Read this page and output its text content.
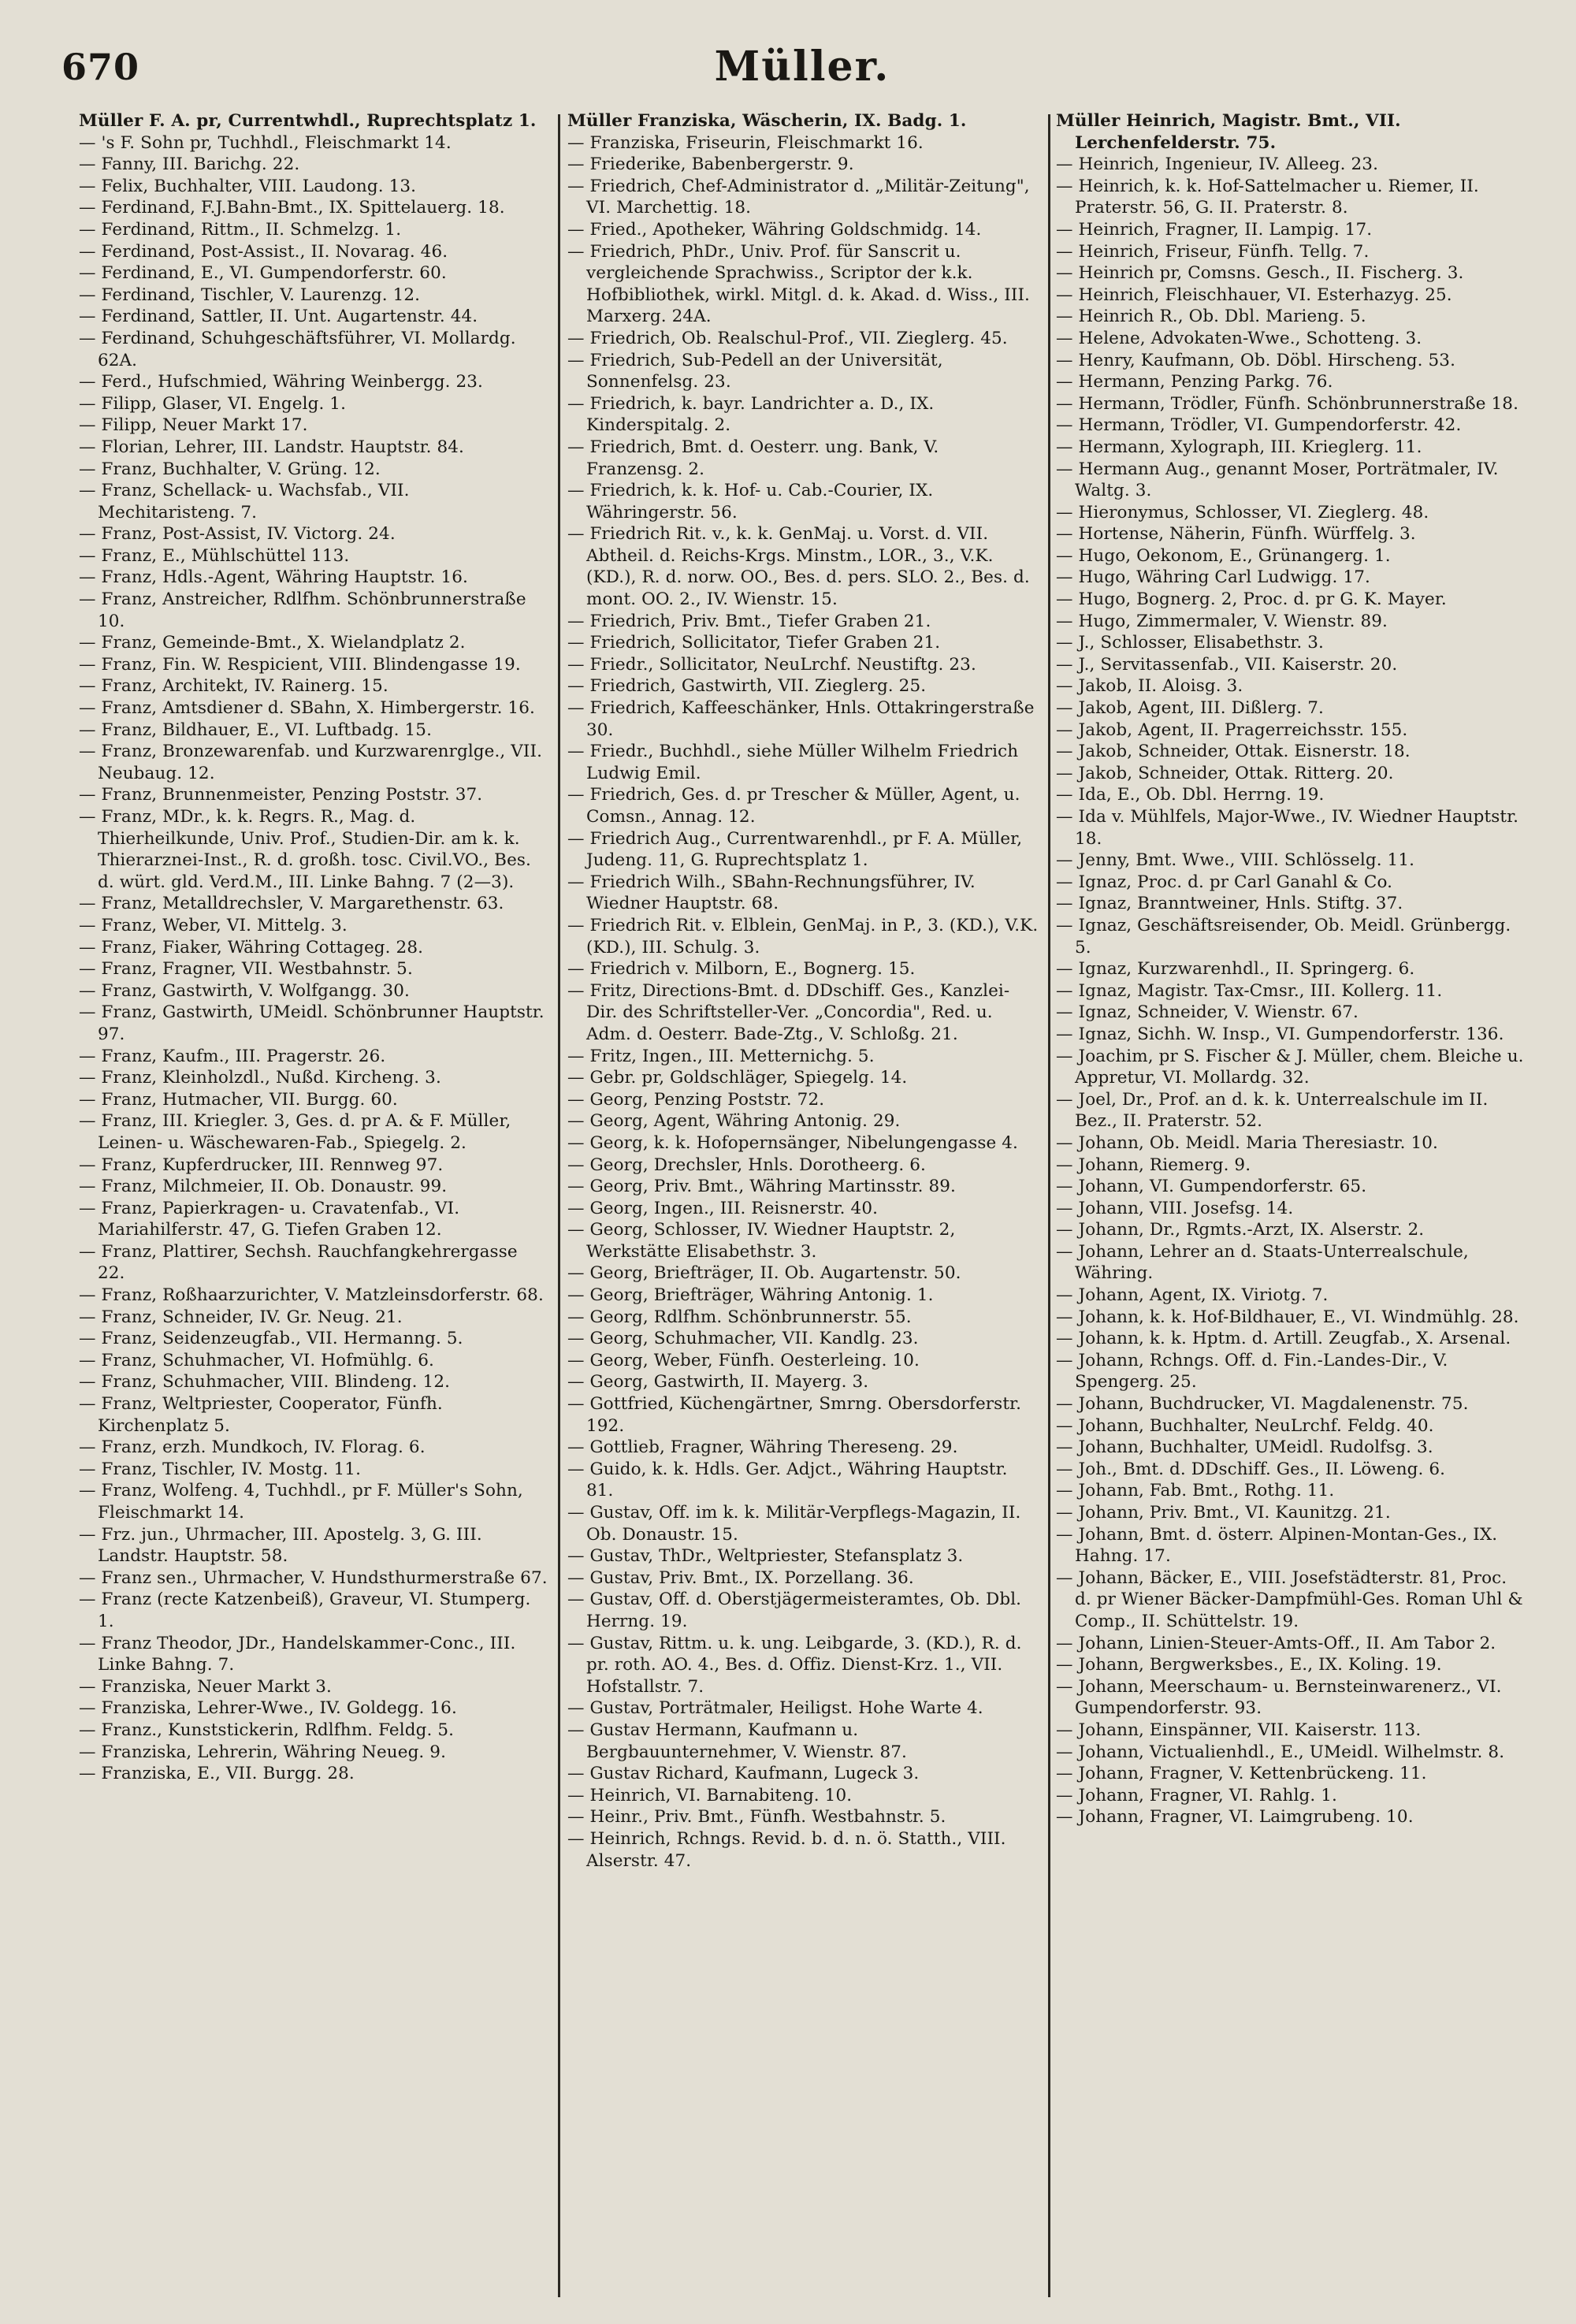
670	Müller.

Müller F. A. pr, Currentwhdl., Ruprechtsplatz 1.

— 's F. Sohn pr, Tuchhdl., Fleischmarkt 14.

— Fanny, III. Barichg. 22.

— Felix, Buchhalter, VIII. Laudong. 13.

— Ferdinand, F.J.Bahn-Bmt., IX. Spittelauerg. 18.

— Ferdinand, Rittm., II. Schmelzg. 1.

— Ferdinand, Post-Assist., II. Novarag. 46.

— Ferdinand, E., VI. Gumpendorferstr. 60.

— Ferdinand, Tischler, V. Laurenzg. 12.

— Ferdinand, Sattler, II. Unt. Augartenstr. 44.

— Ferdinand, Schuhgeschäftsführer, VI. Mollardg. 62A.

— Ferd., Hufschmied, Währing Weinbergg. 23.

— Filipp, Glaser, VI. Engelg. 1.

— Filipp, Neuer Markt 17.

— Florian, Lehrer, III. Landstr. Hauptstr. 84.

— Franz, Buchhalter, V. Grüng. 12.

— Franz, Schellack- u. Wachsfab., VII. Mechitaristeng. 7.

— Franz, Post-Assist, IV. Victorg. 24.

— Franz, E., Mühlschüttel 113.

— Franz, Hdls.-Agent, Währing Hauptstr. 16.

— Franz, Anstreicher, Rdlfhm. Schönbrunnerstraße 10.

— Franz, Gemeinde-Bmt., X. Wielandplatz 2.

— Franz, Fin. W. Respicient, VIII. Blindengasse 19.

— Franz, Architekt, IV. Rainerg. 15.

— Franz, Amtsdiener d. SBahn, X. Himbergerstr. 16.

— Franz, Bildhauer, E., VI. Luftbadg. 15.

— Franz, Bronzewarenfab. und Kurzwarenrglge., VII. Neubaug. 12.

— Franz, Brunnenmeister, Penzing Poststr. 37.

— Franz, MDr., k. k. Regrs. R., Mag. d. Thierheilkunde, Univ. Prof., Studien-Dir. am k. k. Thierarznei-Inst., R. d. großh. tosc. Civil.VO., Bes. d. würt. gld. Verd.M., III. Linke Bahng. 7 (2—3).

— Franz, Metalldrechsler, V. Margarethenstr. 63.

— Franz, Weber, VI. Mittelg. 3.

— Franz, Fiaker, Währing Cottageg. 28.

— Franz, Fragner, VII. Westbahnstr. 5.

— Franz, Gastwirth, V. Wolfgangg. 30.

— Franz, Gastwirth, UMeidl. Schönbrunner Hauptstr. 97.

— Franz, Kaufm., III. Pragerstr. 26.

— Franz, Kleinholzdl., Nußd. Kircheng. 3.

— Franz, Hutmacher, VII. Burgg. 60.

— Franz, III. Kriegler. 3, Ges. d. pr A. & F. Müller, Leinen- u. Wäschewaren-Fab., Spiegelg. 2.

— Franz, Kupferdrucker, III. Rennweg 97.

— Franz, Milchmeier, II. Ob. Donaustr. 99.

— Franz, Papierkragen- u. Cravatenfab., VI. Mariahilferstr. 47, G. Tiefen Graben 12.

— Franz, Plattirer, Sechsh. Rauchfangkehrergasse 22.

— Franz, Roßhaarzurichter, V. Matzleinsdorferstr. 68.

— Franz, Schneider, IV. Gr. Neug. 21.

— Franz, Seidenzeugfab., VII. Hermanng. 5.

— Franz, Schuhmacher, VI. Hofmühlg. 6.

— Franz, Schuhmacher, VIII. Blindeng. 12.

— Franz, Weltpriester, Cooperator, Fünfh. Kirchenplatz 5.

— Franz, erzh. Mundkoch, IV. Florag. 6.

— Franz, Tischler, IV. Mostg. 11.

— Franz, Wolfeng. 4, Tuchhdl., pr F. Müller's Sohn, Fleischmarkt 14.

— Frz. jun., Uhrmacher, III. Apostelg. 3, G. III. Landstr. Hauptstr. 58.

— Franz sen., Uhrmacher, V. Hundsthurmerstraße 67.

— Franz (recte Katzenbeiß), Graveur, VI. Stumperg. 1.

— Franz Theodor, JDr., Handelskammer-Conc., III. Linke Bahng. 7.

— Franziska, Neuer Markt 3.

— Franziska, Lehrer-Wwe., IV. Goldegg. 16.

— Franz., Kunststickerin, Rdlfhm. Feldg. 5.

— Franziska, Lehrerin, Währing Neueg. 9.

— Franziska, E., VII. Burgg. 28.

Müller Franziska, Wäscherin, IX. Badg. 1.

— Franziska, Friseurin, Fleischmarkt 16.

— Friederike, Babenbergerstr. 9.

— Friedrich, Chef-Administrator d. „Militär-Zeitung", VI. Marchettig. 18.

— Fried., Apotheker, Währing Goldschmidg. 14.

— Friedrich, PhDr., Univ. Prof. für Sanscrit u. vergleichende Sprachwiss., Scriptor der k.k. Hofbibliothek, wirkl. Mitgl. d. k. Akad. d. Wiss., III. Marxerg. 24A.

— Friedrich, Ob. Realschul-Prof., VII. Zieglerg. 45.

— Friedrich, Sub-Pedell an der Universität, Sonnenfelsg. 23.

— Friedrich, k. bayr. Landrichter a. D., IX. Kinderspitalg. 2.

— Friedrich, Bmt. d. Oesterr. ung. Bank, V. Franzensg. 2.

— Friedrich, k. k. Hof- u. Cab.-Courier, IX. Währingerstr. 56.

— Friedrich Rit. v., k. k. GenMaj. u. Vorst. d. VII. Abtheil. d. Reichs-Krgs. Minstm., LOR., 3., V.K. (KD.), R. d. norw. OO., Bes. d. pers. SLO. 2., Bes. d. mont. OO. 2., IV. Wienstr. 15.

— Friedrich, Priv. Bmt., Tiefer Graben 21.

— Friedrich, Sollicitator, Tiefer Graben 21.

— Friedr., Sollicitator, NeuLrchf. Neustiftg. 23.

— Friedrich, Gastwirth, VII. Zieglerg. 25.

— Friedrich, Kaffeeschänker, Hnls. Ottakringerstraße 30.

— Friedr., Buchhdl., siehe Müller Wilhelm Friedrich Ludwig Emil.

— Friedrich, Ges. d. pr Trescher & Müller, Agent, u. Comsn., Annag. 12.

— Friedrich Aug., Currentwarenhdl., pr F. A. Müller, Judeng. 11, G. Ruprechtsplatz 1.

— Friedrich Wilh., SBahn-Rechnungsführer, IV. Wiedner Hauptstr. 68.

— Friedrich Rit. v. Elblein, GenMaj. in P., 3. (KD.), V.K. (KD.), III. Schulg. 3.

— Friedrich v. Milborn, E., Bognerg. 15.

— Fritz, Directions-Bmt. d. DDschiff. Ges., Kanzlei-Dir. des Schriftsteller-Ver. „Concordia", Red. u. Adm. d. Oesterr. Bade-Ztg., V. Schloßg. 21.

— Fritz, Ingen., III. Metternichg. 5.

— Gebr. pr, Goldschläger, Spiegelg. 14.

— Georg, Penzing Poststr. 72.

— Georg, Agent, Währing Antonig. 29.

— Georg, k. k. Hofopernsänger, Nibelungengasse 4.

— Georg, Drechsler, Hnls. Dorotheerg. 6.

— Georg, Priv. Bmt., Währing Martinsstr. 89.

— Georg, Ingen., III. Reisnerstr. 40.

— Georg, Schlosser, IV. Wiedner Hauptstr. 2, Werkstätte Elisabethstr. 3.

— Georg, Briefträger, II. Ob. Augartenstr. 50.

— Georg, Briefträger, Währing Antonig. 1.

— Georg, Rdlfhm. Schönbrunnerstr. 55.

— Georg, Schuhmacher, VII. Kandlg. 23.

— Georg, Weber, Fünfh. Oesterleing. 10.

— Georg, Gastwirth, II. Mayerg. 3.

— Gottfried, Küchengärtner, Smrng. Obersdorferstr. 192.

— Gottlieb, Fragner, Währing Thereseng. 29.

— Guido, k. k. Hdls. Ger. Adjct., Währing Hauptstr. 81.

— Gustav, Off. im k. k. Militär-Verpflegs-Magazin, II. Ob. Donaustr. 15.

— Gustav, ThDr., Weltpriester, Stefansplatz 3.

— Gustav, Priv. Bmt., IX. Porzellang. 36.

— Gustav, Off. d. Oberstjägermeisteramtes, Ob. Dbl. Herrng. 19.

— Gustav, Rittm. u. k. ung. Leibgarde, 3. (KD.), R. d. pr. roth. AO. 4., Bes. d. Offiz. Dienst-Krz. 1., VII. Hofstallstr. 7.

— Gustav, Porträtmaler, Heiligst. Hohe Warte 4.

— Gustav Hermann, Kaufmann u. Bergbauunternehmer, V. Wienstr. 87.

— Gustav Richard, Kaufmann, Lugeck 3.

— Heinrich, VI. Barnabiteng. 10.

— Heinr., Priv. Bmt., Fünfh. Westbahnstr. 5.

— Heinrich, Rchngs. Revid. b. d. n. ö. Statth., VIII. Alserstr. 47.

Müller Heinrich, Magistr. Bmt., VII. Lerchenfelderstr. 75.

— Heinrich, Ingenieur, IV. Alleeg. 23.

— Heinrich, k. k. Hof-Sattelmacher u. Riemer, II. Praterstr. 56, G. II. Praterstr. 8.

— Heinrich, Fragner, II. Lampig. 17.

— Heinrich, Friseur, Fünfh. Tellg. 7.

— Heinrich pr, Comsns. Gesch., II. Fischerg. 3.

— Heinrich, Fleischhauer, VI. Esterhazyg. 25.

— Heinrich R., Ob. Dbl. Marieng. 5.

— Helene, Advokaten-Wwe., Schotteng. 3.

— Henry, Kaufmann, Ob. Döbl. Hirscheng. 53.

— Hermann, Penzing Parkg. 76.

— Hermann, Trödler, Fünfh. Schönbrunnerstraße 18.

— Hermann, Trödler, VI. Gumpendorferstr. 42.

— Hermann, Xylograph, III. Krieglerg. 11.

— Hermann Aug., genannt Moser, Porträtmaler, IV. Waltg. 3.

— Hieronymus, Schlosser, VI. Zieglerg. 48.

— Hortense, Näherin, Fünfh. Würffelg. 3.

— Hugo, Oekonom, E., Grünangerg. 1.

— Hugo, Währing Carl Ludwigg. 17.

— Hugo, Bognerg. 2, Proc. d. pr G. K. Mayer.

— Hugo, Zimmermaler, V. Wienstr. 89.

— J., Schlosser, Elisabethstr. 3.

— J., Servitassenfab., VII. Kaiserstr. 20.

— Jakob, II. Aloisg. 3.

— Jakob, Agent, III. Dißlerg. 7.

— Jakob, Agent, II. Pragerreichsstr. 155.

— Jakob, Schneider, Ottak. Eisnerstr. 18.

— Jakob, Schneider, Ottak. Ritterg. 20.

— Ida, E., Ob. Dbl. Herrng. 19.

— Ida v. Mühlfels, Major-Wwe., IV. Wiedner Hauptstr. 18.

— Jenny, Bmt. Wwe., VIII. Schlösselg. 11.

— Ignaz, Proc. d. pr Carl Ganahl & Co.

— Ignaz, Branntweiner, Hnls. Stiftg. 37.

— Ignaz, Geschäftsreisender, Ob. Meidl. Grünbergg. 5.

— Ignaz, Kurzwarenhdl., II. Springerg. 6.

— Ignaz, Magistr. Tax-Cmsr., III. Kollerg. 11.

— Ignaz, Schneider, V. Wienstr. 67.

— Ignaz, Sichh. W. Insp., VI. Gumpendorferstr. 136.

— Joachim, pr S. Fischer & J. Müller, chem. Bleiche u. Appretur, VI. Mollardg. 32.

— Joel, Dr., Prof. an d. k. k. Unterrealschule im II. Bez., II. Praterstr. 52.

— Johann, Ob. Meidl. Maria Theresiastr. 10.

— Johann, Riemerg. 9.

— Johann, VI. Gumpendorferstr. 65.

— Johann, VIII. Josefsg. 14.

— Johann, Dr., Rgmts.-Arzt, IX. Alserstr. 2.

— Johann, Lehrer an d. Staats-Unterrealschule, Währing.

— Johann, Agent, IX. Viriotg. 7.

— Johann, k. k. Hof-Bildhauer, E., VI. Windmühlg. 28.

— Johann, k. k. Hptm. d. Artill. Zeugfab., X. Arsenal.

— Johann, Rchngs. Off. d. Fin.-Landes-Dir., V. Spengerg. 25.

— Johann, Buchdrucker, VI. Magdalenenstr. 75.

— Johann, Buchhalter, NeuLrchf. Feldg. 40.

— Johann, Buchhalter, UMeidl. Rudolfsg. 3.

— Joh., Bmt. d. DDschiff. Ges., II. Löweng. 6.

— Johann, Fab. Bmt., Rothg. 11.

— Johann, Priv. Bmt., VI. Kaunitzg. 21.

— Johann, Bmt. d. österr. Alpinen-Montan-Ges., IX. Hahng. 17.

— Johann, Bäcker, E., VIII. Josefstädterstr. 81, Proc. d. pr Wiener Bäcker-Dampfmühl-Ges. Roman Uhl & Comp., II. Schüttelstr. 19.

— Johann, Linien-Steuer-Amts-Off., II. Am Tabor 2.

— Johann, Bergwerksbes., E., IX. Koling. 19.

— Johann, Meerschaum- u. Bernsteinwarenerz., VI. Gumpendorferstr. 93.

— Johann, Einspänner, VII. Kaiserstr. 113.

— Johann, Victualienhdl., E., UMeidl. Wilhelmstr. 8.

— Johann, Fragner, V. Kettenbrückeng. 11.

— Johann, Fragner, VI. Rahlg. 1.

— Johann, Fragner, VI. Laimgrubeng. 10.
